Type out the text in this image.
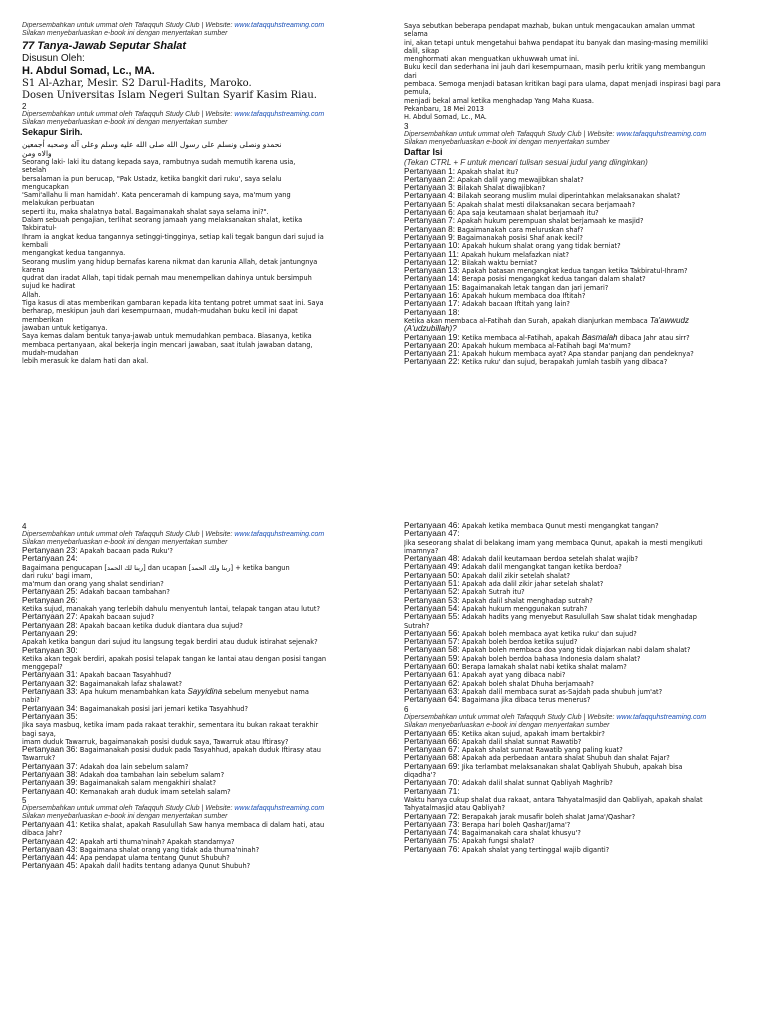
Dipersembahkan untuk ummat oleh Tafaqquh Study Club | Website: www.tafaqquhstreaming.com
Silakan menyebarluaskan e-book ini dengan menyertakan sumber
77 Tanya-Jawab Seputar Shalat
Disusun Oleh:
H. Abdul Somad, Lc., MA.
S1 Al-Azhar, Mesir. S2 Darul-Hadits, Maroko.
Dosen Universitas Islam Negeri Sultan Syarif Kasim Riau.
2
Dipersembahkan untuk ummat oleh Tafaqquh Study Club | Website: www.tafaqquhstreaming.com
Silakan menyebarluaskan e-book ini dengan menyertakan sumber
Sekapur Sirih.
نحمدو ونصلى ونسلم على رسول الله صلى الله عليه وسلم وعلى آله وصحبه أجمعين
والاه ومن
Seorang laki- laki itu datang kepada saya, rambutnya sudah memutih karena usia,
setelah
bersalaman ia pun berucap, "Pak Ustadz, ketika bangkit dari ruku', saya selalu
mengucapkan
'Sami'allahu li man hamidah'. Kata penceramah di kampung saya, ma'mum yang
melakukan perbuatan
seperti itu, maka shalatnya batal. Bagaimanakah shalat saya selama ini?".
Dalam sebuah pengajian, terlihat seorang jamaah yang melaksanakan shalat, ketika
Takbiratul-
Ihram ia angkat kedua tangannya setinggi-tingginya, setiap kali tegak bangun dari sujud ia
kembali
mengangkat kedua tangannya.
Seorang muslim yang hidup bernafas karena nikmat dan karunia Allah, detak jantungnya
karena
qudrat dan iradat Allah, tapi tidak pernah mau menempelkan dahinya untuk bersimpuh
sujud ke hadirat
Allah.
Tiga kasus di atas memberikan gambaran kepada kita tentang potret ummat saat ini. Saya
berharap, meskipun jauh dari kesempurnaan, mudah-mudahan buku kecil ini dapat
memberikan
jawaban untuk ketiganya.
Saya kemas dalam bentuk tanya-jawab untuk memudahkan pembaca. Biasanya, ketika
membaca pertanyaan, akal bekerja ingin mencari jawaban, saat itulah jawaban datang,
mudah-mudahan
lebih merasuk ke dalam hati dan akal.
Saya sebutkan beberapa pendapat mazhab, bukan untuk mengacaukan amalan ummat
selama
ini, akan tetapi untuk mengetahui bahwa pendapat itu banyak dan masing-masing memiliki
dalil, sikap
menghormati akan menguatkan ukhuwwah umat ini.
Buku kecil dan sederhana ini jauh dari kesempurnaan, masih perlu kritik yang membangun
dari
pembaca. Semoga menjadi batasan kritikan bagi para ulama, dapat menjadi inspirasi bagi para
pemula,
menjadi bekal amal ketika menghadap Yang Maha Kuasa.
Pekanbaru, 18 Mei 2013
H. Abdul Somad, Lc., MA.
3
Dipersembahkan untuk ummat oleh Tafaqquh Study Club | Website: www.tafaqquhstreaming.com
Silakan menyebarluaskan e-book ini dengan menyertakan sumber
Daftar Isi
(Tekan CTRL + F untuk mencari tulisan sesuai judul yang diinginkan)
Pertanyaan 1: Apakah shalat itu?
Pertanyaan 2: Apakah dalil yang mewajibkan shalat?
Pertanyaan 3: Bilakah Shalat diwajibkan?
Pertanyaan 4: Bilakah seorang muslim mulai diperintahkan melaksanakan shalat?
Pertanyaan 5: Apakah shalat mesti dilaksanakan secara berjamaah?
Pertanyaan 6: Apa saja keutamaan shalat berjamaah itu?
Pertanyaan 7: Apakah hukum perempuan shalat berjamaah ke masjid?
Pertanyaan 8: Bagaimanakah cara meluruskan shaf?
Pertanyaan 9: Bagaimanakah posisi Shaf anak kecil?
Pertanyaan 10: Apakah hukum shalat orang yang tidak berniat?
Pertanyaan 11: Apakah hukum melafazkan niat?
Pertanyaan 12: Bilakah waktu berniat?
Pertanyaan 13: Apakah batasan mengangkat kedua tangan ketika Takbiratul-Ihram?
Pertanyaan 14: Berapa posisi mengangkat kedua tangan dalam shalat?
Pertanyaan 15: Bagaimanakah letak tangan dan jari jemari?
Pertanyaan 16: Apakah hukum membaca doa Iftitah?
Pertanyaan 17: Adakah bacaan Iftitah yang lain?
Pertanyaan 18:
Ketika akan membaca al-Fatihah dan Surah, apakah dianjurkan membaca Ta'awwudz
(A'udzubillah)?
Pertanyaan 19: Ketika membaca al-Fatihah, apakah Basmalah dibaca Jahr atau sirr?
Pertanyaan 20: Apakah hukum membaca al-Fatihah bagi Ma'mum?
Pertanyaan 21: Apakah hukum membaca ayat? Apa standar panjang dan pendeknya?
Pertanyaan 22: Ketika ruku' dan sujud, berapakah jumlah tasbih yang dibaca?
4
Dipersembahkan untuk ummat oleh Tafaqquh Study Club | Website: www.tafaqquhstreaming.com
Silakan menyebarluaskan e-book ini dengan menyertakan sumber
Pertanyaan 23: Apakah bacaan pada Ruku'?
Pertanyaan 24:
Bagaimana pengucapan [ربنا لك الحمد] dan ucapan [ربنا ولك الحمد] + ketika bangun
dari ruku' bagi imam,
ma'mum dan orang yang shalat sendirian?
Pertanyaan 25: Adakah bacaan tambahan?
Pertanyaan 26:
Ketika sujud, manakah yang terlebih dahulu menyentuh lantai, telapak tangan atau lutut?
Pertanyaan 27: Apakah bacaan sujud?
Pertanyaan 28: Apakah bacaan ketika duduk diantara dua sujud?
Pertanyaan 29:
Apakah ketika bangun dari sujud itu langsung tegak berdiri atau duduk istirahat sejenak?
Pertanyaan 30:
Ketika akan tegak berdiri, apakah posisi telapak tangan ke lantai atau dengan posisi tangan
menggepal?
Pertanyaan 31: Apakah bacaan Tasyahhud?
Pertanyaan 32: Bagaimanakah lafaz shalawat?
Pertanyaan 33: Apa hukum menambahkan kata Sayyidina sebelum menyebut nama
nabi?
Pertanyaan 34: Bagaimanakah posisi jari jemari ketika Tasyahhud?
Pertanyaan 35:
Jika saya masbuq, ketika imam pada rakaat terakhir, sementara itu bukan rakaat terakhir
bagi saya,
imam duduk Tawarruk, bagaimanakah posisi duduk saya, Tawarruk atau Iftirasy?
Pertanyaan 36: Bagaimanakah posisi duduk pada Tasyahhud, apakah duduk Iftirasy atau
Tawarruk?
Pertanyaan 37: Adakah doa lain sebelum salam?
Pertanyaan 38: Adakah doa tambahan lain sebelum salam?
Pertanyaan 39: Bagaimanakah salam mengakhiri shalat?
Pertanyaan 40: Kemanakah arah duduk imam setelah salam?
5
Dipersembahkan untuk ummat oleh Tafaqquh Study Club | Website: www.tafaqquhstreaming.com
Silakan menyebarluaskan e-book ini dengan menyertakan sumber
Pertanyaan 41: Ketika shalat, apakah Rasulullah Saw hanya membaca di dalam hati, atau
dibaca Jahr?
Pertanyaan 42: Apakah arti thuma'ninah? Apakah standarnya?
Pertanyaan 43: Bagaimana shalat orang yang tidak ada thuma'ninah?
Pertanyaan 44: Apa pendapat ulama tentang Qunut Shubuh?
Pertanyaan 45: Apakah dalil hadits tentang adanya Qunut Shubuh?
Pertanyaan 46: Apakah ketika membaca Qunut mesti mengangkat tangan?
Pertanyaan 47:
Jika seseorang shalat di belakang imam yang membaca Qunut, apakah ia mesti mengikuti
imamnya?
Pertanyaan 48: Adakah dalil keutamaan berdoa setelah shalat wajib?
Pertanyaan 49: Adakah dalil mengangkat tangan ketika berdoa?
Pertanyaan 50: Apakah dalil zikir setelah shalat?
Pertanyaan 51: Apakah ada dalil zikir jahar setelah shalat?
Pertanyaan 52: Apakah Sutrah itu?
Pertanyaan 53: Apakah dalil shalat menghadap sutrah?
Pertanyaan 54: Apakah hukum menggunakan sutrah?
Pertanyaan 55: Adakah hadits yang menyebut Rasulullah Saw shalat tidak menghadap
Sutrah?
Pertanyaan 56: Apakah boleh membaca ayat ketika ruku' dan sujud?
Pertanyaan 57: Apakah boleh berdoa ketika sujud?
Pertanyaan 58: Apakah boleh membaca doa yang tidak diajarkan nabi dalam shalat?
Pertanyaan 59: Apakah boleh berdoa bahasa Indonesia dalam shalat?
Pertanyaan 60: Berapa lamakah shalat nabi ketika shalat malam?
Pertanyaan 61: Apakah ayat yang dibaca nabi?
Pertanyaan 62: Apakah boleh shalat Dhuha berjamaah?
Pertanyaan 63: Apakah dalil membaca surat as-Sajdah pada shubuh jum'at?
Pertanyaan 64: Bagaimana jika dibaca terus menerus?
6
Dipersembahkan untuk ummat oleh Tafaqquh Study Club | Website: www.tafaqquhstreaming.com
Silakan menyebarluaskan e-book ini dengan menyertakan sumber
Pertanyaan 65: Ketika akan sujud, apakah imam bertakbir?
Pertanyaan 66: Apakah dalil shalat sunnat Rawatib?
Pertanyaan 67: Apakah shalat sunnat Rawatib yang paling kuat?
Pertanyaan 68: Apakah ada perbedaan antara shalat Shubuh dan shalat Fajar?
Pertanyaan 69: Jika terlambat melaksanakan shalat Qabliyah Shubuh, apakah bisa
diqadha'?
Pertanyaan 70: Adakah dalil shalat sunnat Qabliyah Maghrib?
Pertanyaan 71:
Waktu hanya cukup shalat dua rakaat, antara Tahyatalmasjid dan Qabliyah, apakah shalat
Tahyatalmasjid atau Qabliyah?
Pertanyaan 72: Berapakah jarak musafir boleh shalat Jama'/Qashar?
Pertanyaan 73: Berapa hari boleh Qashar/Jama'?
Pertanyaan 74: Bagaimanakah cara shalat khusyu'?
Pertanyaan 75: Apakah fungsi shalat?
Pertanyaan 76: Apakah shalat yang tertinggal wajib diganti?
